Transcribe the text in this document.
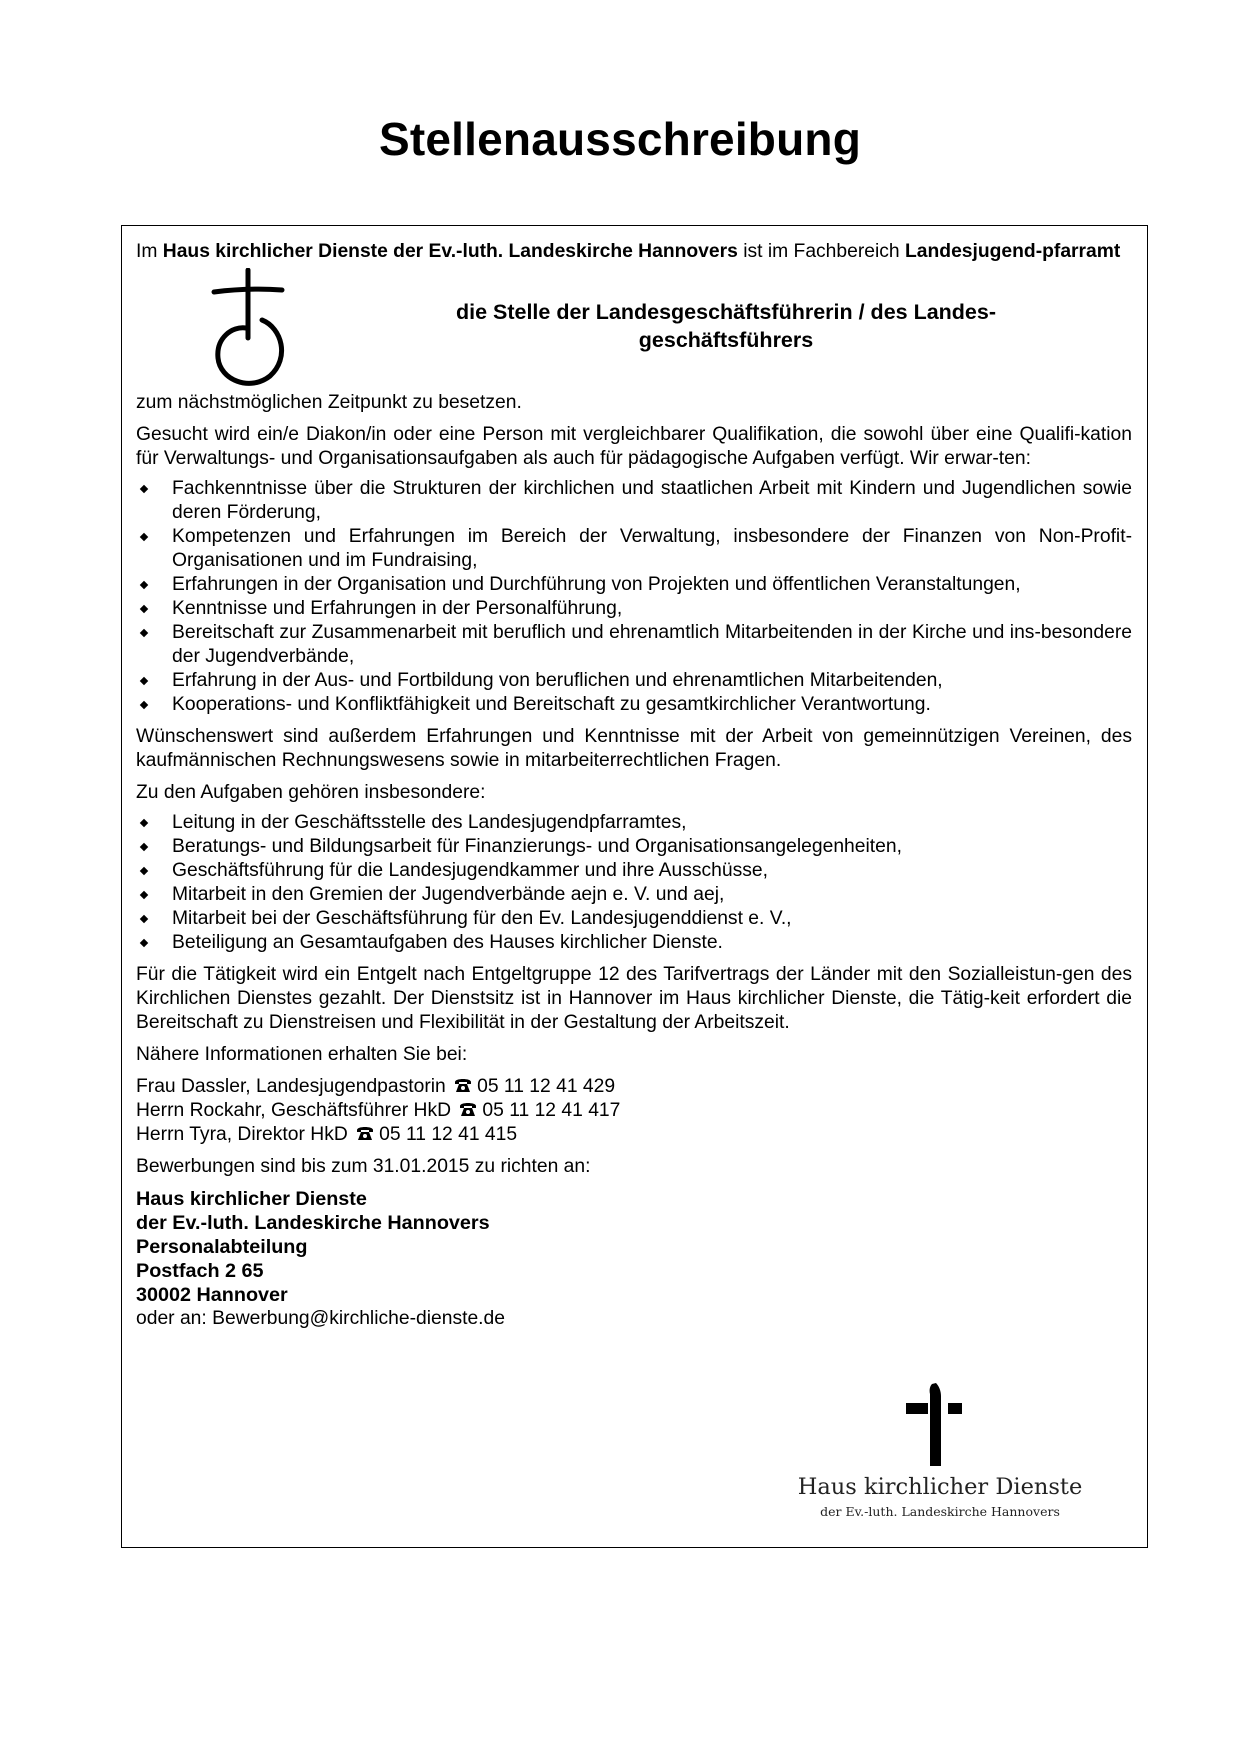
Stellenausschreibung

Im Haus kirchlicher Dienste der Ev.-luth. Landeskirche Hannovers ist im Fachbereich Landesjugend-pfarramt

die Stelle der Landesgeschäftsführerin / des Landes-geschäftsführers

zum nächstmöglichen Zeitpunkt zu besetzen.

Gesucht wird ein/e Diakon/in oder eine Person mit vergleichbarer Qualifikation, die sowohl über eine Qualifi-kation für Verwaltungs- und Organisationsaufgaben als auch für pädagogische Aufgaben verfügt. Wir erwar-ten:

Fachkenntnisse über die Strukturen der kirchlichen und staatlichen Arbeit mit Kindern und Jugendlichen sowie deren Förderung,
Kompetenzen und Erfahrungen im Bereich der Verwaltung, insbesondere der Finanzen von Non-Profit-Organisationen und im Fundraising,
Erfahrungen in der Organisation und Durchführung von Projekten und öffentlichen Veranstaltungen,
Kenntnisse und Erfahrungen in der Personalführung,
Bereitschaft zur Zusammenarbeit mit beruflich und ehrenamtlich Mitarbeitenden in der Kirche und ins-besondere der Jugendverbände,
Erfahrung in der Aus- und Fortbildung von beruflichen und ehrenamtlichen Mitarbeitenden,
Kooperations- und Konfliktfähigkeit und Bereitschaft zu gesamtkirchlicher Verantwortung.

Wünschenswert sind außerdem Erfahrungen und Kenntnisse mit der Arbeit von gemeinnützigen Vereinen, des kaufmännischen Rechnungswesens sowie in mitarbeiterrechtlichen Fragen.

Zu den Aufgaben gehören insbesondere:

Leitung in der Geschäftsstelle des Landesjugendpfarramtes,
Beratungs- und Bildungsarbeit für Finanzierungs- und Organisationsangelegenheiten,
Geschäftsführung für die Landesjugendkammer und ihre Ausschüsse,
Mitarbeit in den Gremien der Jugendverbände aejn e. V. und aej,
Mitarbeit bei der Geschäftsführung für den Ev. Landesjugenddienst e. V.,
Beteiligung an Gesamtaufgaben des Hauses kirchlicher Dienste.

Für die Tätigkeit wird ein Entgelt nach Entgeltgruppe 12 des Tarifvertrags der Länder mit den Sozialleistun-gen des Kirchlichen Dienstes gezahlt. Der Dienstsitz ist in Hannover im Haus kirchlicher Dienste, die Tätig-keit erfordert die Bereitschaft zu Dienstreisen und Flexibilität in der Gestaltung der Arbeitszeit.

Nähere Informationen erhalten Sie bei:

Frau Dassler, Landesjugendpastorin 05 11 12 41 429
Herrn Rockahr, Geschäftsführer HkD 05 11 12 41 417
Herrn Tyra, Direktor HkD 05 11 12 41 415

Bewerbungen sind bis zum 31.01.2015 zu richten an:

Haus kirchlicher Dienste
der Ev.-luth. Landeskirche Hannovers
Personalabteilung
Postfach 2 65
30002 Hannover

oder an: Bewerbung@kirchliche-dienste.de

Haus kirchlicher Dienste
der Ev.-luth. Landeskirche Hannovers
